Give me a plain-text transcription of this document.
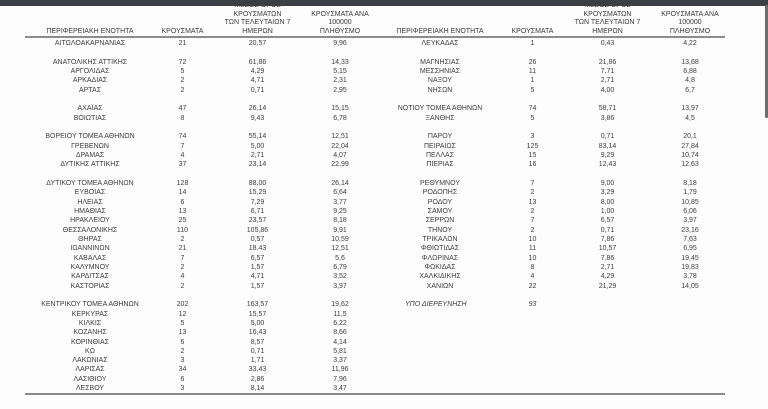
ΠΕΡΙΦΕΡΕΙΑΚΗ ΕΝΟΤΗΤΑ	ΚΡΟΥΣΜΑΤΑ
ΜΕΣΟΣ ΟΡΟΣ ΚΡΟΥΣΜΑΤΩΝ
ΤΩΝ ΤΕΛΕΥΤΑΙΩΝ 7
ΗΜΕΡΩΝ
ΚΡΟΥΣΜΑΤΑ ΑΝΑ 100000
ΠΛΗΘΥΣΜΟ
ΑΙΤΩΛΟΑΚΑΡΝΑΝΙΑΣ	21	20,57	9,96
ΑΝΑΤΟΛΙΚΗΣ ΑΤΤΙΚΗΣ	72	61,86	14,33
ΑΡΓΟΛΙΔΑΣ	5	4,29	5,15
ΑΡΚΑΔΙΑΣ	2	4,71	2,31
ΑΡΤΑΣ	2	0,71	2,95
ΑΧΑΪΑΣ	47	26,14	15,15
ΒΟΙΩΤΙΑΣ	8	9,43	6,78
ΒΟΡΕΙΟΥ ΤΟΜΕΑ ΑΘΗΝΩΝ	74	55,14	12,51
ΓΡΕΒΕΝΩΝ	7	5,00	22,04
ΔΡΑΜΑΣ	4	2,71	4,07
ΔΥΤΙΚΗΣ ΑΤΤΙΚΗΣ	37	23,14	22,99
ΔΥΤΙΚΟΥ ΤΟΜΕΑ ΑΘΗΝΩΝ	128	88,00	26,14
ΕΥΒΟΙΑΣ	14	15,29	6,64
ΗΛΕΙΑΣ	6	7,29	3,77
ΗΜΑΘΙΑΣ	13	6,71	9,25
ΗΡΑΚΛΕΙΟΥ	25	23,57	8,18
ΘΕΣΣΑΛΟΝΙΚΗΣ	110	105,86	9,91
ΘΗΡΑΣ	2	0,57	10,59
ΙΩΑΝΝΙΝΩΝ	21	18,43	12,51
ΚΑΒΑΛΑΣ	7	6,57	5,6
ΚΑΛΥΜΝΟΥ	2	1,57	6,79
ΚΑΡΔΙΤΣΑΣ	4	4,71	3,52
ΚΑΣΤΟΡΙΑΣ	2	1,57	3,97
ΚΕΝΤΡΙΚΟΥ ΤΟΜΕΑ ΑΘΗΝΩΝ	202	163,57	19,62
ΚΕΡΚΥΡΑΣ	12	15,57	11,5
ΚΙΛΚΙΣ	5	5,00	6,22
ΚΟΖΑΝΗΣ	13	16,43	8,66
ΚΟΡΙΝΘΙΑΣ	6	8,57	4,14
ΚΩ	2	0,71	5,81
ΛΑΚΩΝΙΑΣ	3	1,71	3,37
ΛΑΡΙΣΑΣ	34	33,43	11,96
ΛΑΣΙΘΙΟΥ	6	2,86	7,96
ΛΕΣΒΟΥ	3	8,14	3,47
ΠΕΡΙΦΕΡΕΙΑΚΗ ΕΝΟΤΗΤΑ	ΚΡΟΥΣΜΑΤΑ
ΜΕΣΟΣ ΟΡΟΣ ΚΡΟΥΣΜΑΤΩΝ
ΤΩΝ ΤΕΛΕΥΤΑΙΩΝ 7
ΗΜΕΡΩΝ
ΚΡΟΥΣΜΑΤΑ ΑΝΑ 100000
ΠΛΗΘΥΣΜΟ
ΛΕΥΚΑΔΑΣ	1	0,43	4,22
ΜΑΓΝΗΣΙΑΣ	26	21,86	13,68
ΜΕΣΣΗΝΙΑΣ	11	7,71	6,88
ΝΑΞΟΥ	1	2,71	4,8
ΝΗΣΩΝ	5	4,00	6,7
ΝΟΤΙΟΥ ΤΟΜΕΑ ΑΘΗΝΩΝ	74	58,71	13,97
ΞΑΝΘΗΣ	5	3,86	4,5
ΠΑΡΟΥ	3	0,71	20,1
ΠΕΙΡΑΙΩΣ	125	83,14	27,84
ΠΕΛΛΑΣ	15	9,29	10,74
ΠΙΕΡΙΑΣ	16	12,43	12,63
ΡΕΘΥΜΝΟΥ	7	9,00	8,18
ΡΟΔΟΠΗΣ	2	3,29	1,79
ΡΟΔΟΥ	13	8,00	10,85
ΣΑΜΟΥ	2	1,00	6,06
ΣΕΡΡΩΝ	7	6,57	3,97
ΤΗΝΟΥ	2	0,71	23,16
ΤΡΙΚΑΛΩΝ	10	7,86	7,63
ΦΘΙΩΤΙΔΑΣ	11	10,57	6,95
ΦΛΩΡΙΝΑΣ	10	7,86	19,45
ΦΩΚΙΔΑΣ	8	2,71	19,83
ΧΑΛΚΙΔΙΚΗΣ	4	4,29	3,78
ΧΑΝΙΩΝ	22	21,29	14,05
ΥΠΟ ΔΙΕΡΕΥΝΗΣΗ	93
